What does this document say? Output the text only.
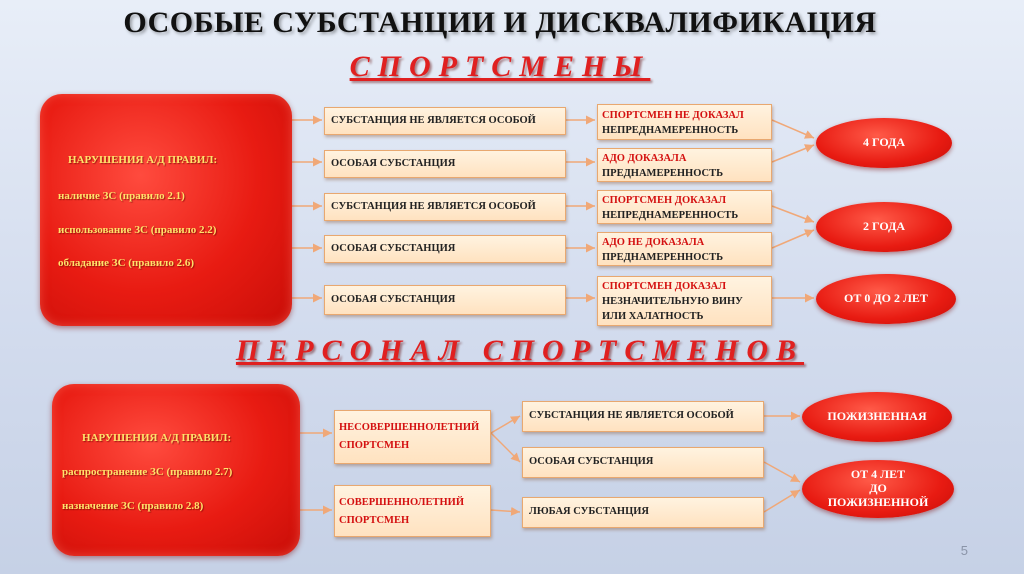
ОСОБЫЕ СУБСТАНЦИИ И ДИСКВАЛИФИКАЦИЯ
СПОРТСМЕНЫ
ПЕРСОНАЛ СПОРТСМЕНОВ
НАРУШЕНИЯ А/Д ПРАВИЛ:
наличие ЗС (правило 2.1)
использование ЗС (правило 2.2)
обладание ЗС (правило 2.6)
СУБСТАНЦИЯ НЕ ЯВЛЯЕТСЯ ОСОБОЙ
ОСОБАЯ СУБСТАНЦИЯ
СУБСТАНЦИЯ НЕ ЯВЛЯЕТСЯ ОСОБОЙ
ОСОБАЯ СУБСТАНЦИЯ
ОСОБАЯ СУБСТАНЦИЯ
СПОРТСМЕН НЕ ДОКАЗАЛ
НЕПРЕДНАМЕРЕННОСТЬ
АДО ДОКАЗАЛА
ПРЕДНАМЕРЕННОСТЬ
СПОРТСМЕН ДОКАЗАЛ
НЕПРЕДНАМЕРЕННОСТЬ
АДО НЕ ДОКАЗАЛА
ПРЕДНАМЕРЕННОСТЬ
СПОРТСМЕН ДОКАЗАЛ
НЕЗНАЧИТЕЛЬНУЮ ВИНУ
ИЛИ ХАЛАТНОСТЬ
4 ГОДА
2 ГОДА
ОТ 0 ДО 2 ЛЕТ
НАРУШЕНИЯ А/Д ПРАВИЛ:
распространение ЗС (правило 2.7)
назначение ЗС (правило 2.8)
НЕСОВЕРШЕННОЛЕТНИЙ
СПОРТСМЕН
СОВЕРШЕННОЛЕТНИЙ
СПОРТСМЕН
СУБСТАНЦИЯ НЕ ЯВЛЯЕТСЯ ОСОБОЙ
ОСОБАЯ СУБСТАНЦИЯ
ЛЮБАЯ СУБСТАНЦИЯ
ПОЖИЗНЕННАЯ
ОТ 4 ЛЕТ
ДО
ПОЖИЗНЕННОЙ
5
